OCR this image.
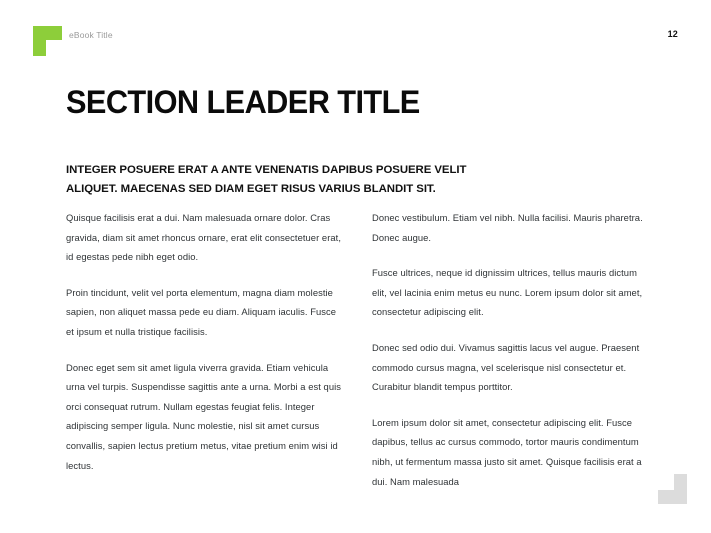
eBook Title	12
SECTION LEADER TITLE
INTEGER POSUERE ERAT A ANTE VENENATIS DAPIBUS POSUERE VELIT ALIQUET. MAECENAS SED DIAM EGET RISUS VARIUS BLANDIT SIT.

Quisque facilisis erat a dui. Nam malesuada ornare dolor. Cras gravida, diam sit amet rhoncus ornare, erat elit consectetuer erat, id egestas pede nibh eget odio.

Proin tincidunt, velit vel porta elementum, magna diam molestie sapien, non aliquet massa pede eu diam. Aliquam iaculis. Fusce et ipsum et nulla tristique facilisis.

Donec eget sem sit amet ligula viverra gravida. Etiam vehicula urna vel turpis. Suspendisse sagittis ante a urna. Morbi a est quis orci consequat rutrum. Nullam egestas feugiat felis. Integer adipiscing semper ligula. Nunc molestie, nisl sit amet cursus convallis, sapien lectus pretium metus, vitae pretium enim wisi id lectus.

Donec vestibulum. Etiam vel nibh. Nulla facilisi. Mauris pharetra. Donec augue.

Fusce ultrices, neque id dignissim ultrices, tellus mauris dictum elit, vel lacinia enim metus eu nunc. Lorem ipsum dolor sit amet, consectetur adipiscing elit.

Donec sed odio dui. Vivamus sagittis lacus vel augue. Praesent commodo cursus magna, vel scelerisque nisl consectetur et. Curabitur blandit tempus porttitor.

Lorem ipsum dolor sit amet, consectetur adipiscing elit. Fusce dapibus, tellus ac cursus commodo, tortor mauris condimentum nibh, ut fermentum massa justo sit amet. Quisque facilisis erat a dui. Nam malesuada
